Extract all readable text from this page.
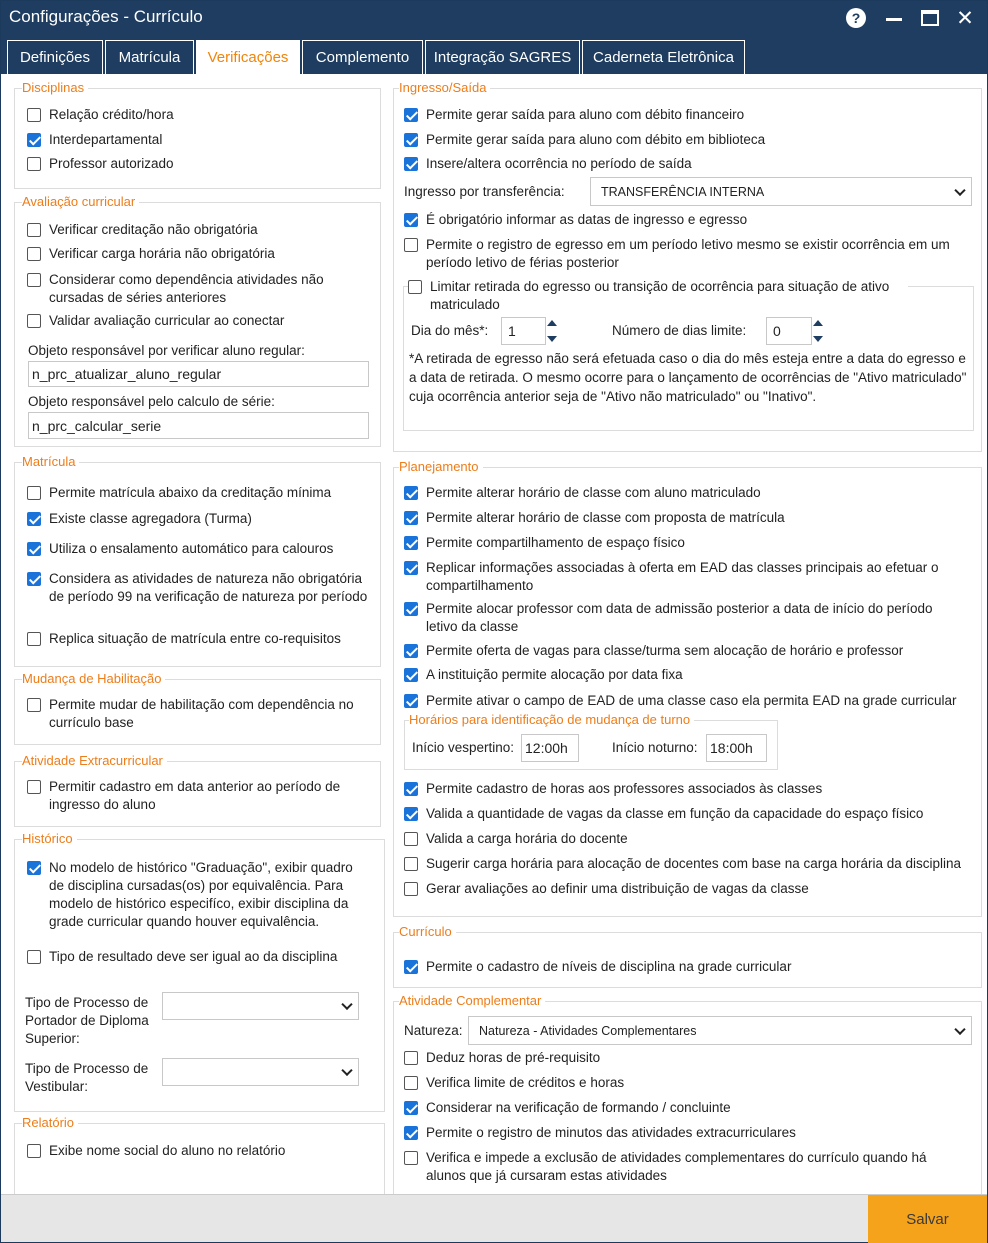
Configurações - Currículo	?	✕
Definições	Matrícula	Verificações	Complemento	Integração SAGRES	Caderneta Eletrônica
Disciplinas
Relação crédito/hora
Interdepartamental
Professor autorizado
Avaliação curricular
Verificar creditação não obrigatória
Verificar carga horária não obrigatória
Considerar como dependência atividades não cursadas de séries anteriores
Validar avaliação curricular ao conectar
Objeto responsável por verificar aluno regular:
n_prc_atualizar_aluno_regular
Objeto responsável pelo calculo de série:
n_prc_calcular_serie
Matrícula
Permite matrícula abaixo da creditação mínima
Existe classe agregadora (Turma)
Utiliza o ensalamento automático para calouros
Considera as atividades de natureza não obrigatória de período 99 na verificação de natureza por período
Replica situação de matrícula entre co-requisitos
Mudança de Habilitação
Permite mudar de habilitação com dependência no currículo base
Atividade Extracurricular
Permitir cadastro em data anterior ao período de ingresso do aluno
Histórico
No modelo de histórico "Graduação", exibir quadro de disciplina cursadas(os) por equivalência. Para modelo de histórico especifíco, exibir disciplina da grade curricular quando houver equivalência.
Tipo de resultado deve ser igual ao da disciplina
Tipo de Processo de Portador de Diploma Superior:
Tipo de Processo de Vestibular:
Relatório
Exibe nome social do aluno no relatório
Ingresso/Saída
Permite gerar saída para aluno com débito financeiro
Permite gerar saída para aluno com débito em biblioteca
Insere/altera ocorrência no período de saída
Ingresso por transferência:	TRANSFERÊNCIA INTERNA
É obrigatório informar as datas de ingresso e egresso
Permite o registro de egresso em um período letivo mesmo se existir ocorrência em um período letivo de férias posterior
Limitar retirada do egresso ou transição de ocorrência para situação de ativo matriculado
Dia do mês*: 1	Número de dias limite: 0
*A retirada de egresso não será efetuada caso o dia do mês esteja entre a data do egresso e a data de retirada. O mesmo ocorre para o lançamento de ocorrências de "Ativo matriculado" cuja ocorrência anterior seja de "Ativo não matriculado" ou "Inativo".
Planejamento
Permite alterar horário de classe com aluno matriculado
Permite alterar horário de classe com proposta de matrícula
Permite compartilhamento de espaço físico
Replicar informações associadas à oferta em EAD das classes principais ao efetuar o compartilhamento
Permite alocar professor com data de admissão posterior a data de início do período letivo da classe
Permite oferta de vagas para classe/turma sem alocação de horário e professor
A instituição permite alocação por data fixa
Permite ativar o campo de EAD de uma classe caso ela permita EAD na grade curricular
Horários para identificação de mudança de turno
Início vespertino: 12:00h	Início noturno: 18:00h
Permite cadastro de horas aos professores associados às classes
Valida a quantidade de vagas da classe em função da capacidade do espaço físico
Valida a carga horária do docente
Sugerir carga horária para alocação de docentes com base na carga horária da disciplina
Gerar avaliações ao definir uma distribuição de vagas da classe
Currículo
Permite o cadastro de níveis de disciplina na grade curricular
Atividade Complementar
Natureza: Natureza - Atividades Complementares
Deduz horas de pré-requisito
Verifica limite de créditos e horas
Considerar na verificação de formando / concluinte
Permite o registro de minutos das atividades extracurriculares
Verifica e impede a exclusão de atividades complementares do currículo quando há alunos que já cursaram estas atividades
Salvar
